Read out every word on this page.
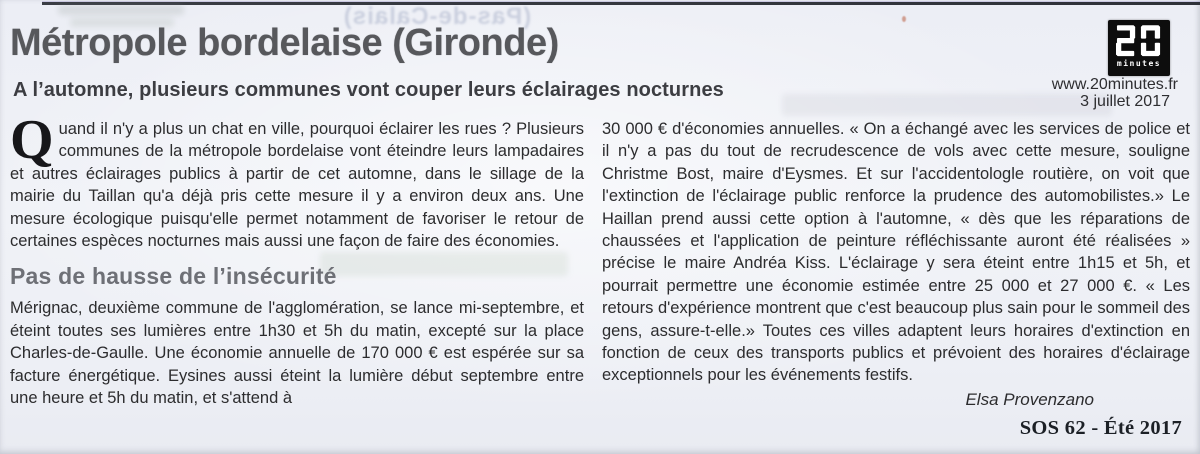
(Pas-de-Calais)
Métropole bordelaise (Gironde)
A l’automne, plusieurs communes vont couper leurs éclairages nocturnes
minutes
www.20minutes.fr
3 juillet 2017

Quand il n'y a plus un chat en ville, pourquoi éclairer les rues ? Plusieurs communes de la métropole bordelaise vont éteindre leurs lampadaires et autres éclairages publics à partir de cet automne, dans le sillage de la mairie du Taillan qu'a déjà pris cette mesure il y a environ deux ans. Une mesure écologique puisqu'elle permet notamment de favoriser le retour de certaines espèces nocturnes mais aussi une façon de faire des économies.

Pas de hausse de l’insécurité

Mérignac, deuxième commune de l'agglomération, se lance mi-septembre, et éteint toutes ses lumières entre 1h30 et 5h du matin, excepté sur la place Charles-de-Gaulle. Une économie annuelle de 170 000 € est espérée sur sa facture énergétique. Eysines aussi éteint la lumière début septembre entre une heure et 5h du matin, et s'attend à

30 000 € d'économies annuelles. « On a échangé avec les services de police et il n'y a pas du tout de recrudescence de vols avec cette mesure, souligne Christme Bost, maire d'Eysmes. Et sur l'accidentologle routière, on voit que l'extinction de l'éclairage public renforce la prudence des automobilistes.» Le Haillan prend aussi cette option à l'automne, « dès que les réparations de chaussées et l'application de peinture réfléchissante auront été réalisées » précise le maire Andréa Kiss. L'éclairage y sera éteint entre 1h15 et 5h, et pourrait permettre une économie estimée entre 25 000 et 27 000 €. « Les retours d'expérience montrent que c'est beaucoup plus sain pour le sommeil des gens, assure-t-elle.» Toutes ces villes adaptent leurs horaires d'extinction en fonction de ceux des transports publics et prévoient des horaires d'éclairage exceptionnels pour les événements festifs.

Elsa Provenzano
SOS 62 - Été 2017
